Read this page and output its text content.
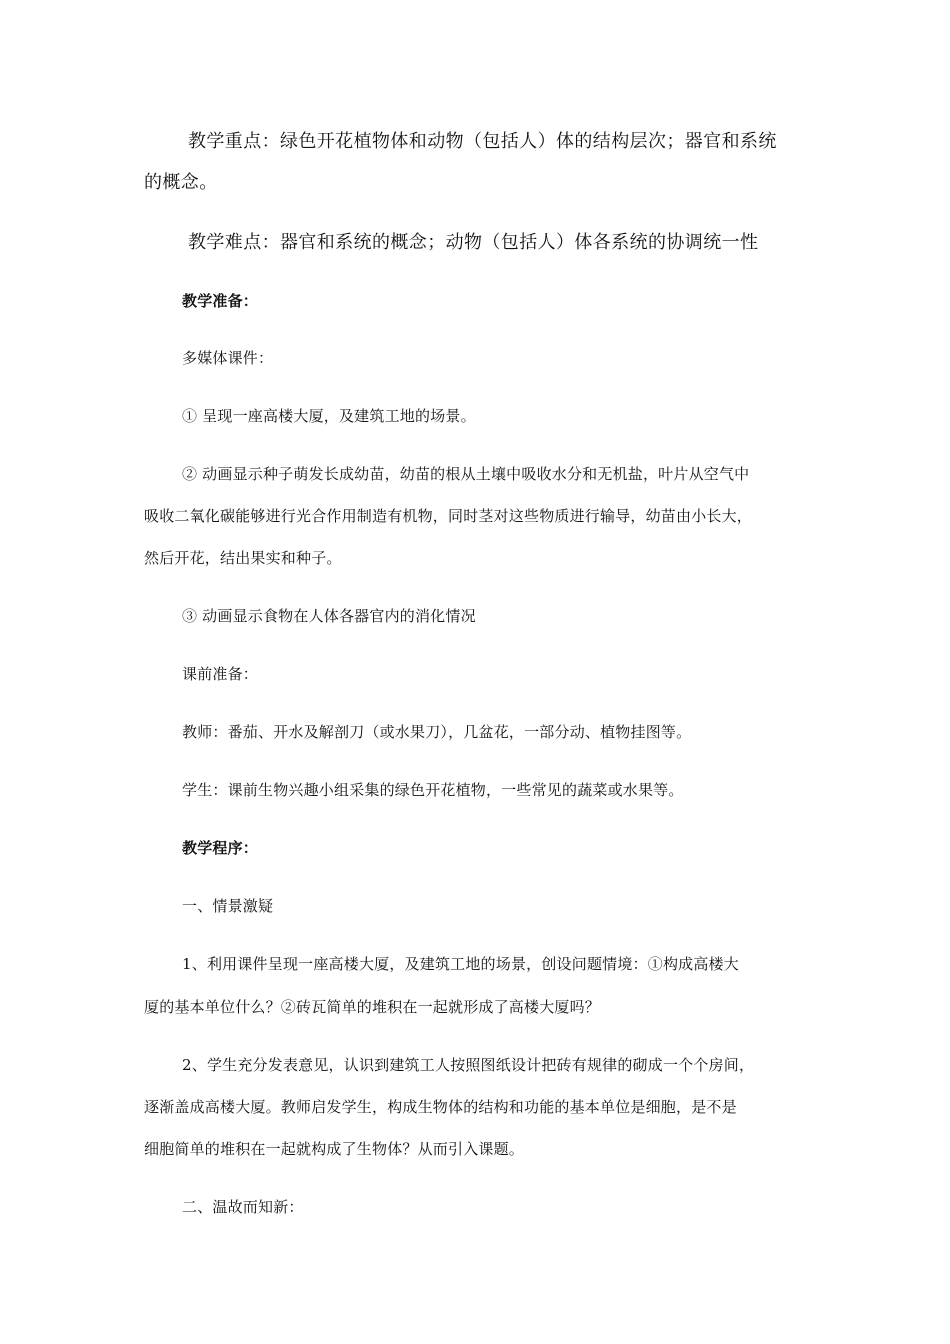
教学重点：绿色开花植物体和动物（包括人）体的结构层次；器官和系统
的概念。
教学难点：器官和系统的概念；动物（包括人）体各系统的协调统一性
教学准备：
多媒体课件：
① 呈现一座高楼大厦，及建筑工地的场景。
② 动画显示种子萌发长成幼苗，幼苗的根从土壤中吸收水分和无机盐，叶片从空气中
吸收二氧化碳能够进行光合作用制造有机物，同时茎对这些物质进行输导，幼苗由小长大，
然后开花，结出果实和种子。
③ 动画显示食物在人体各器官内的消化情况
课前准备：
教师：番茄、开水及解剖刀（或水果刀），几盆花，一部分动、植物挂图等。
学生：课前生物兴趣小组采集的绿色开花植物，一些常见的蔬菜或水果等。
教学程序：
一、情景激疑
1、利用课件呈现一座高楼大厦，及建筑工地的场景，创设问题情境：①构成高楼大
厦的基本单位什么？②砖瓦简单的堆积在一起就形成了高楼大厦吗？
2、学生充分发表意见，认识到建筑工人按照图纸设计把砖有规律的砌成一个个房间，
逐渐盖成高楼大厦。教师启发学生，构成生物体的结构和功能的基本单位是细胞，是不是
细胞简单的堆积在一起就构成了生物体？从而引入课题。
二、温故而知新：
